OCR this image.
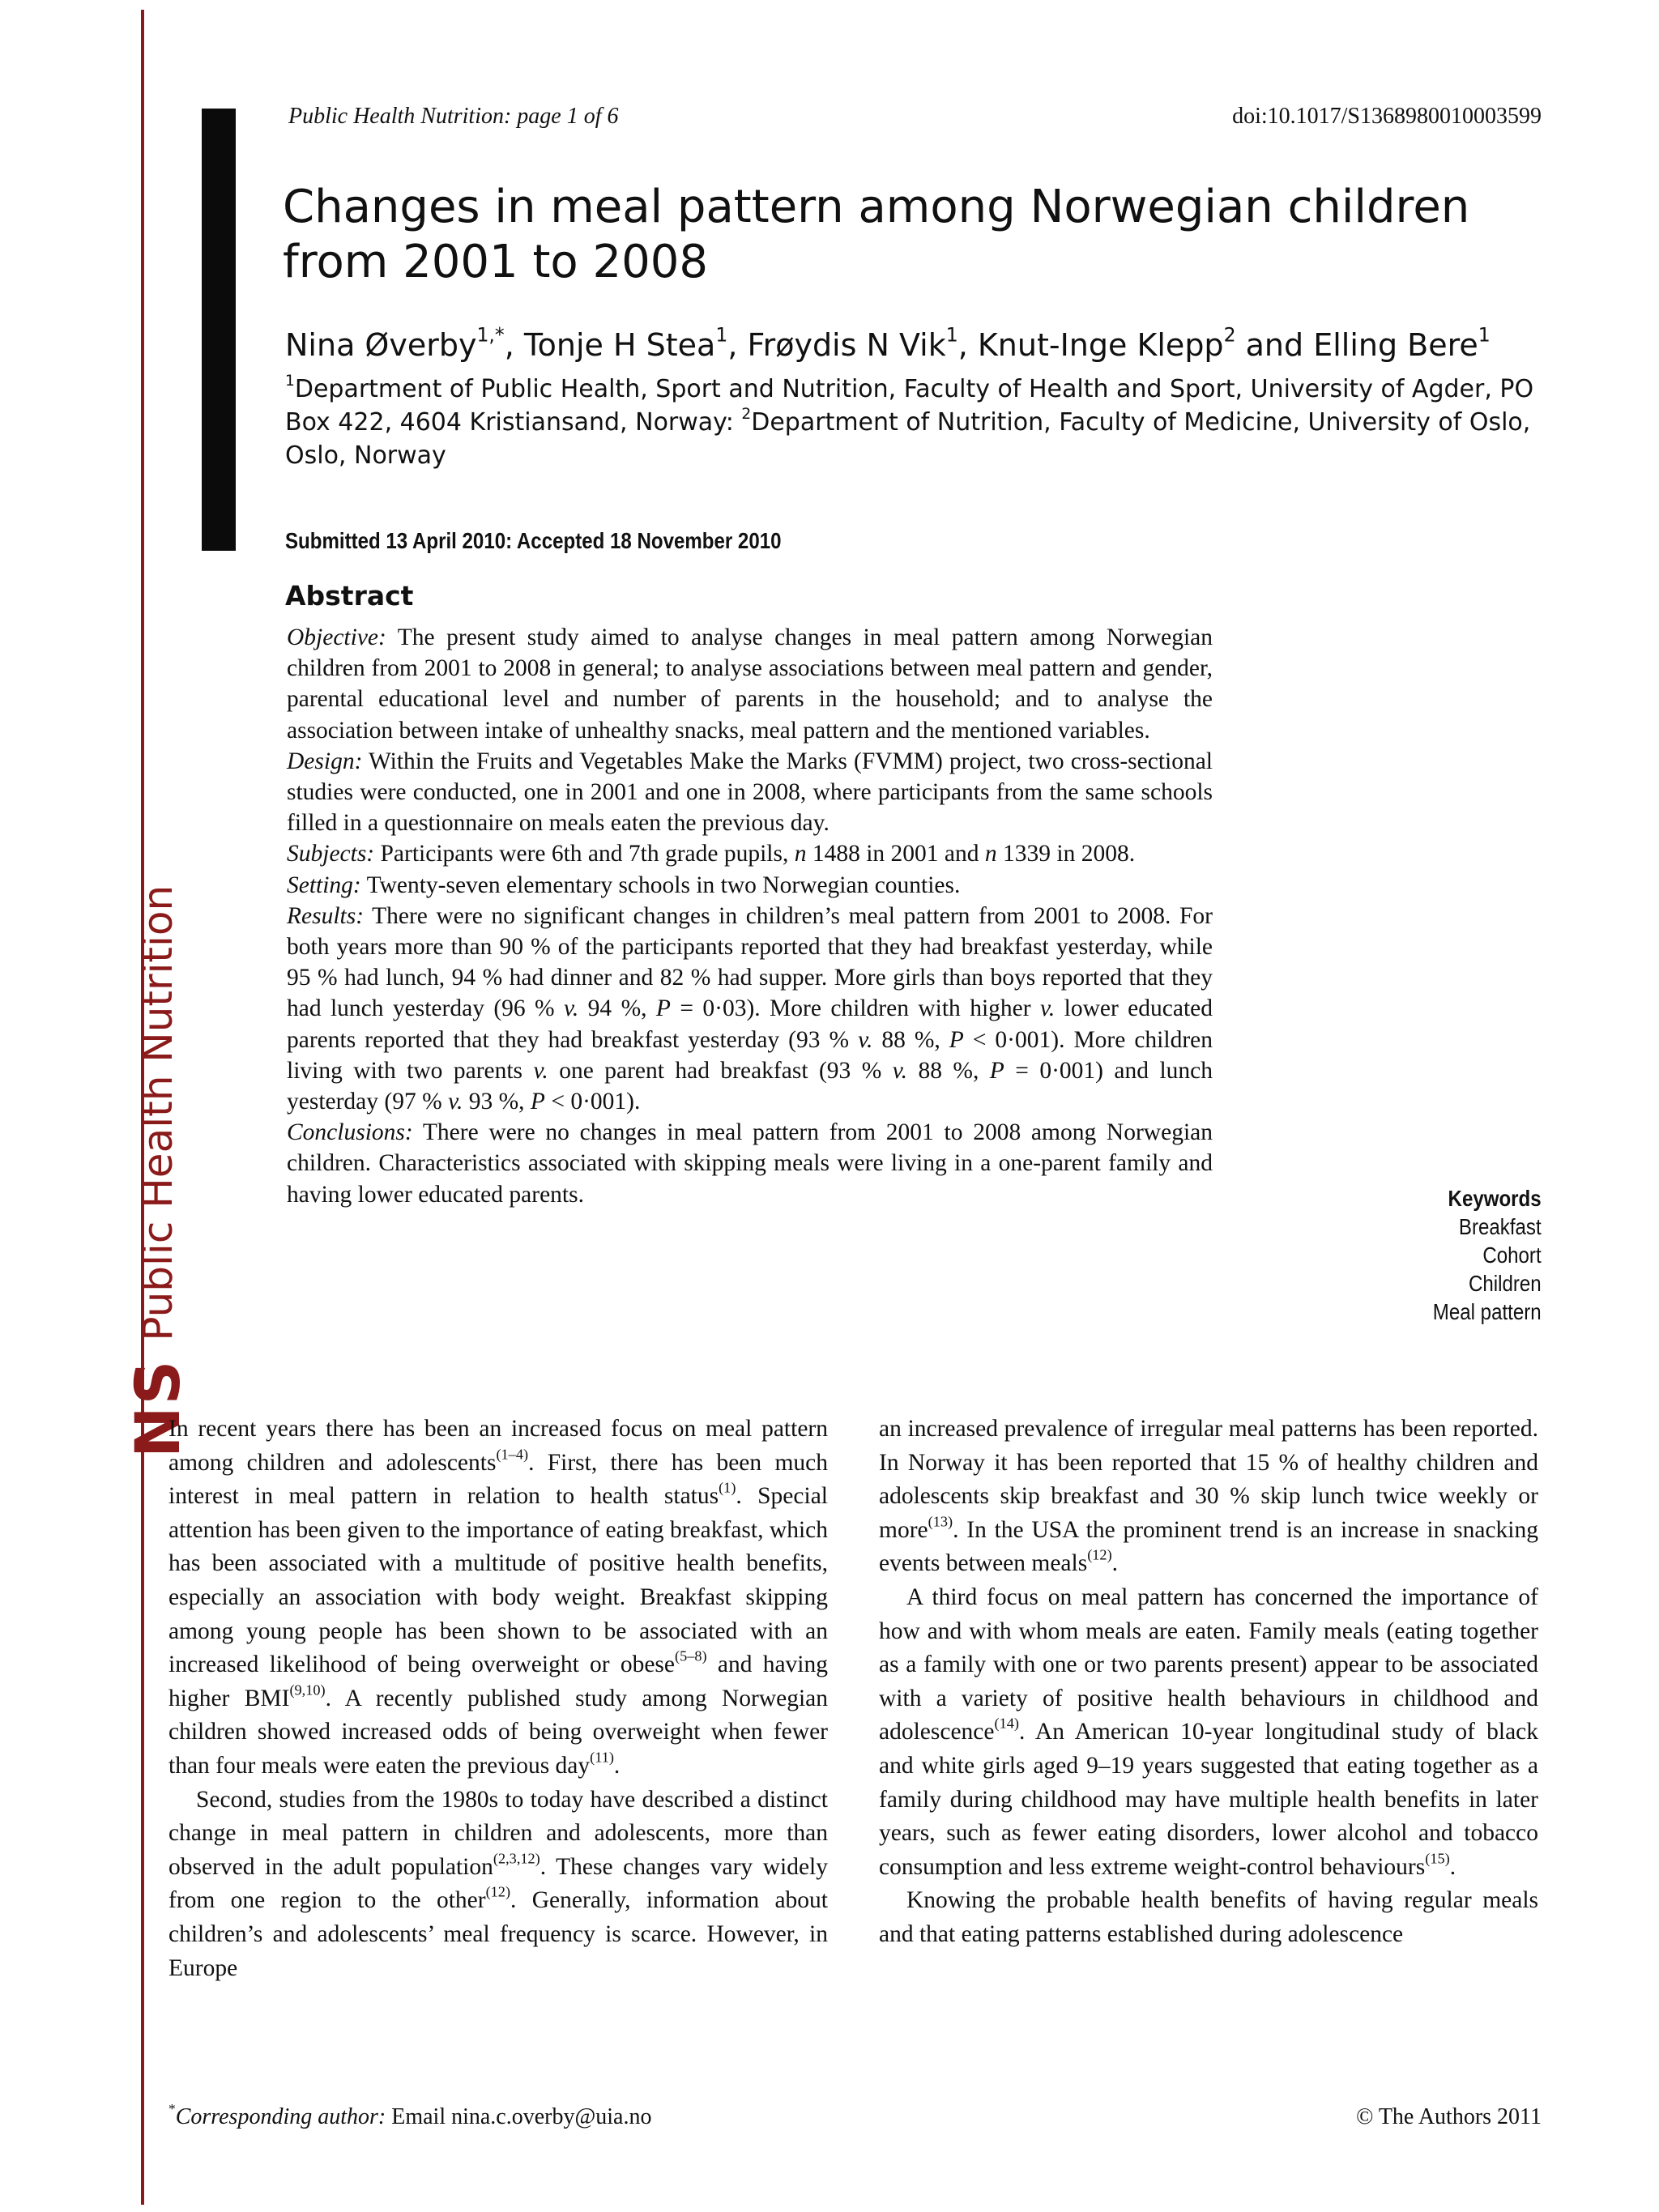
NS
Public Health Nutrition
Public Health Nutrition: page 1 of 6	doi:10.1017/S1368980010003599
Changes in meal pattern among Norwegian children from 2001 to 2008
Nina Øverby$^{1,*}$, Tonje H Stea$^1$, Frøydis N Vik$^1$, Knut-Inge Klepp$^2$ and Elling Bere$^1$
$^1$Department of Public Health, Sport and Nutrition, Faculty of Health and Sport, University of Agder, PO Box 422, 4604 Kristiansand, Norway: $^2$Department of Nutrition, Faculty of Medicine, University of Oslo, Oslo, Norway
Submitted 13 April 2010: Accepted 18 November 2010
Abstract

Objective: The present study aimed to analyse changes in meal pattern among Norwegian children from 2001 to 2008 in general; to analyse associations between meal pattern and gender, parental educational level and number of parents in the household; and to analyse the association between intake of unhealthy snacks, meal pattern and the mentioned variables.

Design: Within the Fruits and Vegetables Make the Marks (FVMM) project, two cross-sectional studies were conducted, one in 2001 and one in 2008, where participants from the same schools filled in a questionnaire on meals eaten the previous day.

Subjects: Participants were 6th and 7th grade pupils, n 1488 in 2001 and n 1339 in 2008.

Setting: Twenty-seven elementary schools in two Norwegian counties.

Results: There were no significant changes in children’s meal pattern from 2001 to 2008. For both years more than 90 % of the participants reported that they had breakfast yesterday, while 95 % had lunch, 94 % had dinner and 82 % had supper. More girls than boys reported that they had lunch yesterday (96 % v. 94 %, P = 0·03). More children with higher v. lower educated parents reported that they had breakfast yesterday (93 % v. 88 %, P < 0·001). More children living with two parents v. one parent had breakfast (93 % v. 88 %, P = 0·001) and lunch yesterday (97 % v. 93 %, P < 0·001).

Conclusions: There were no changes in meal pattern from 2001 to 2008 among Norwegian children. Characteristics associated with skipping meals were living in a one-parent family and having lower educated parents.	Keywords
Breakfast
Cohort
Children
Meal pattern

In recent years there has been an increased focus on meal pattern among children and adolescents$^{(1-4)}$. First, there has been much interest in meal pattern in relation to health status$^{(1)}$. Special attention has been given to the importance of eating breakfast, which has been associated with a multitude of positive health benefits, especially an association with body weight. Breakfast skipping among young people has been shown to be associated with an increased likelihood of being overweight or obese$^{(5-8)}$ and having higher BMI$^{(9,10)}$. A recently published study among Norwegian children showed increased odds of being overweight when fewer than four meals were eaten the previous day$^{(11)}$.

Second, studies from the 1980s to today have described a distinct change in meal pattern in children and adolescents, more than observed in the adult population$^{(2,3,12)}$. These changes vary widely from one region to the other$^{(12)}$. Generally, information about children’s and adolescents’ meal frequency is scarce. However, in Europe

an increased prevalence of irregular meal patterns has been reported. In Norway it has been reported that 15 % of healthy children and adolescents skip breakfast and 30 % skip lunch twice weekly or more$^{(13)}$. In the USA the prominent trend is an increase in snacking events between meals$^{(12)}$.

A third focus on meal pattern has concerned the importance of how and with whom meals are eaten. Family meals (eating together as a family with one or two parents present) appear to be associated with a variety of positive health behaviours in childhood and adolescence$^{(14)}$. An American 10-year longitudinal study of black and white girls aged 9–19 years suggested that eating together as a family during childhood may have multiple health benefits in later years, such as fewer eating disorders, lower alcohol and tobacco consumption and less extreme weight-control behaviours$^{(15)}$.

Knowing the probable health benefits of having regular meals and that eating patterns established during adolescence

*Corresponding author: Email nina.c.overby@uia.no	© The Authors 2011
